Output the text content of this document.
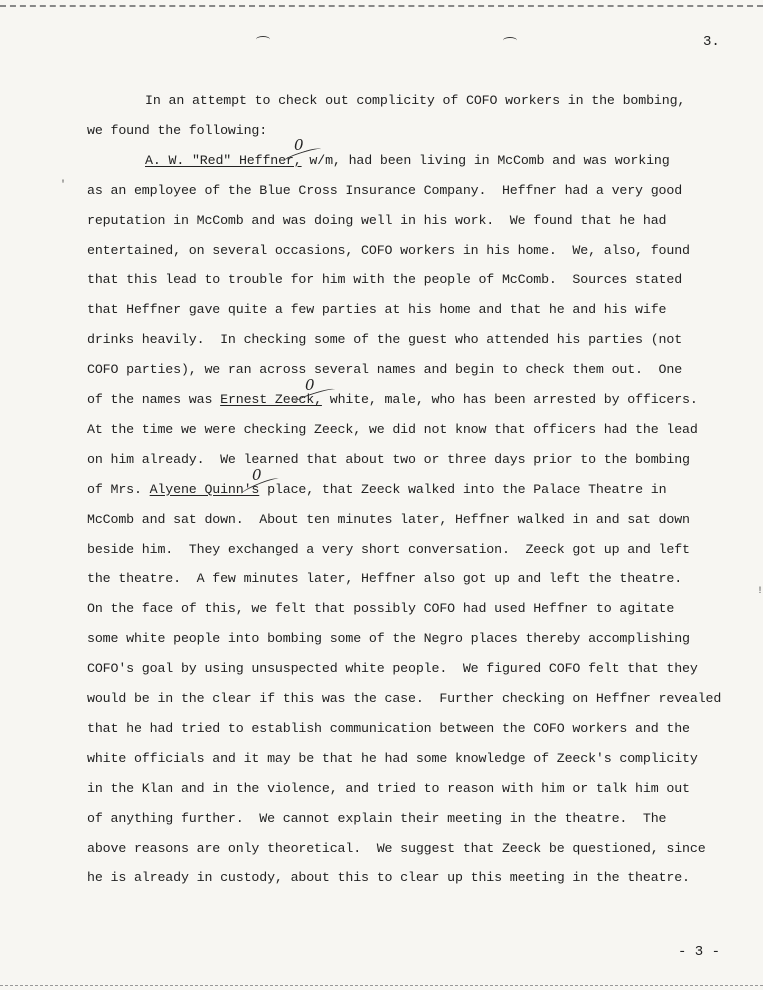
3.
In an attempt to check out complicity of COFO workers in the bombing,
we found the following:
A. W. "Red" Heffner, w/m, had been living in McComb and was working
as an employee of the Blue Cross Insurance Company.  Heffner had a very good
reputation in McComb and was doing well in his work.  We found that he had
entertained, on several occasions, COFO workers in his home.  We, also, found
that this lead to trouble for him with the people of McComb.  Sources stated
that Heffner gave quite a few parties at his home and that he and his wife
drinks heavily.  In checking some of the guest who attended his parties (not
COFO parties), we ran across several names and begin to check them out.  One
of the names was Ernest Zeeck, white, male, who has been arrested by officers.
At the time we were checking Zeeck, we did not know that officers had the lead
on him already.  We learned that about two or three days prior to the bombing
of Mrs. Alyene Quinn's place, that Zeeck walked into the Palace Theatre in
McComb and sat down.  About ten minutes later, Heffner walked in and sat down
beside him.  They exchanged a very short conversation.  Zeeck got up and left
the theatre.  A few minutes later, Heffner also got up and left the theatre.
On the face of this, we felt that possibly COFO had used Heffner to agitate
some white people into bombing some of the Negro places thereby accomplishing
COFO's goal by using unsuspected white people.  We figured COFO felt that they
would be in the clear if this was the case.  Further checking on Heffner revealed
that he had tried to establish communication between the COFO workers and the
white officials and it may be that he had some knowledge of Zeeck's complicity
in the Klan and in the violence, and tried to reason with him or talk him out
of anything further.  We cannot explain their meeting in the theatre.  The
above reasons are only theoretical.  We suggest that Zeeck be questioned, since
he is already in custody, about this to clear up this meeting in the theatre.
0
0
0
'
!
- 3 -
